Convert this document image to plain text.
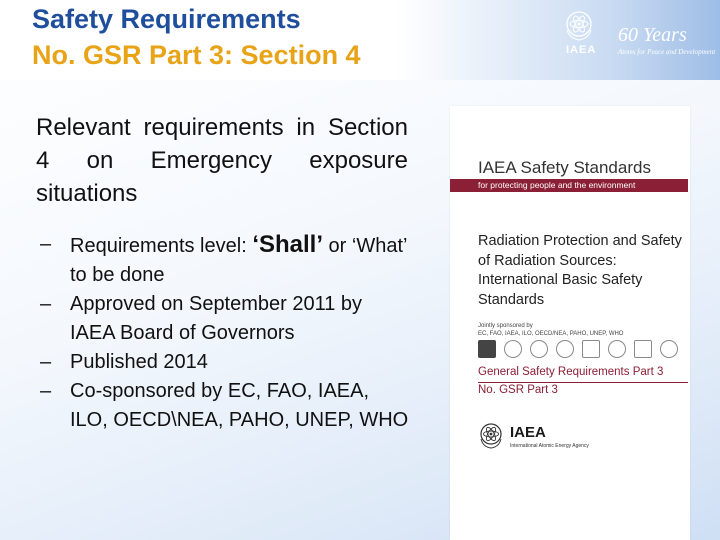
Safety Requirements
No. GSR Part 3: Section 4	IAEA
60 Years
Atoms for Peace and Development
Relevant requirements in Section 4 on Emergency exposure situations
– Requirements level: ‘Shall’ or ‘What’ to be done
– Approved on September 2011 by IAEA Board of Governors
– Published 2014
– Co-sponsored by EC, FAO, IAEA, ILO, OECD\NEA, PAHO, UNEP, WHO
IAEA Safety Standards
for protecting people and the environment
Radiation Protection and Safety of Radiation Sources: International Basic Safety Standards
Jointly sponsored by
EC, FAO, IAEA, ILO, OECD/NEA, PAHO, UNEP, WHO
General Safety Requirements Part 3
No. GSR Part 3
IAEA
International Atomic Energy Agency
